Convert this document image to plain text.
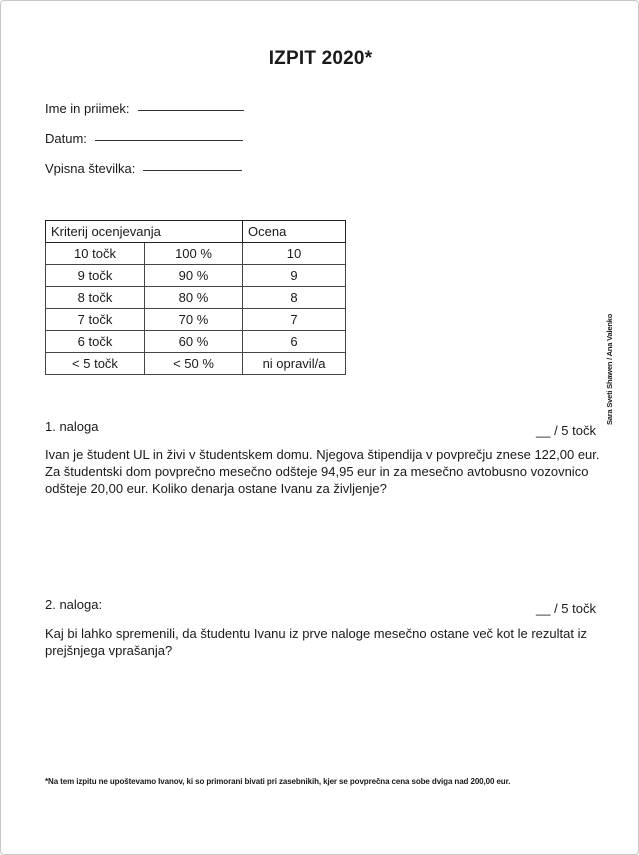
IZPIT 2020*
Ime in priimek:
Datum:
Vpisna številka:
Kriterij ocenjevanja		Ocena
10 točk	100 %	10
9 točk	90 %	9
8 točk	80 %	8
7 točk	70 %	7
6 točk	60 %	6
< 5 točk	< 50 %	ni opravil/a	Sara Sveti Shawen / Ana Valenko
1. naloga	__ / 5 točk
Ivan je študent UL in živi v študentskem domu. Njegova štipendija v povprečju znese 122,00 eur. Za študentski dom povprečno mesečno odšteje 94,95 eur in za mesečno avtobusno vozovnico odšteje 20,00 eur. Koliko denarja ostane Ivanu za življenje?
2. naloga:	__ / 5 točk
Kaj bi lahko spremenili, da študentu Ivanu iz prve naloge mesečno ostane več kot le rezultat iz prejšnjega vprašanja?
*Na tem izpitu ne upoštevamo Ivanov, ki so primorani bivati pri zasebnikih, kjer se povprečna cena sobe dviga nad 200,00 eur.
